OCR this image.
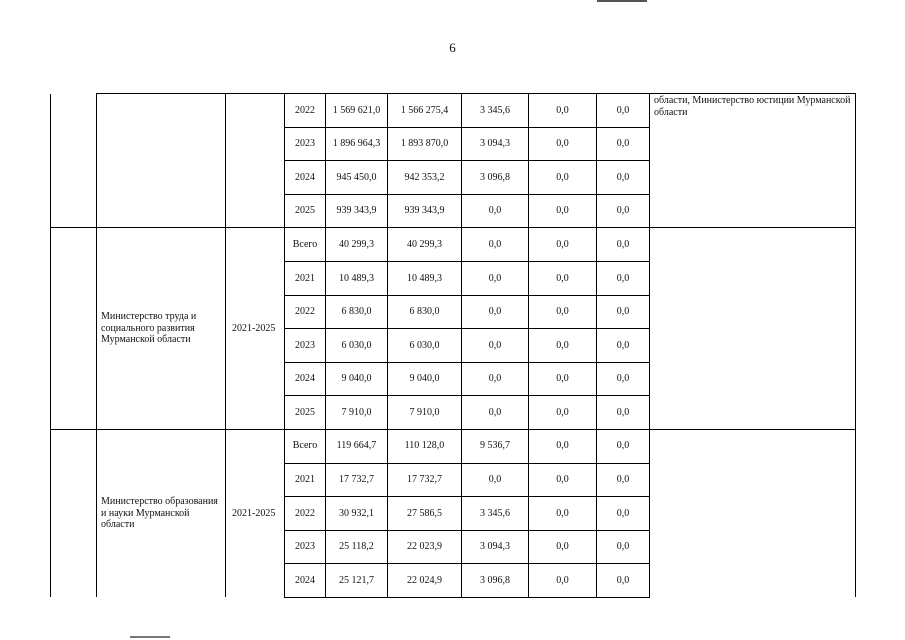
6
			2022	1 569 621,0	1 566 275,4	3 345,6	0,0	0,0	области, Министерство юстиции Мурманской области
			2023	1 896 964,3	1 893 870,0	3 094,3	0,0	0,0	
			2024	945 450,0	942 353,2	3 096,8	0,0	0,0	
			2025	939 343,9	939 343,9	0,0	0,0	0,0	
	Министерство труда и социального развития Мурманской области	2021-2025	Всего	40 299,3	40 299,3	0,0	0,0	0,0	
			2021	10 489,3	10 489,3	0,0	0,0	0,0	
			2022	6 830,0	6 830,0	0,0	0,0	0,0	
			2023	6 030,0	6 030,0	0,0	0,0	0,0	
			2024	9 040,0	9 040,0	0,0	0,0	0,0	
			2025	7 910,0	7 910,0	0,0	0,0	0,0	
	Министерство образования и науки Мурманской области	2021-2025	Всего	119 664,7	110 128,0	9 536,7	0,0	0,0	
			2021	17 732,7	17 732,7	0,0	0,0	0,0	
			2022	30 932,1	27 586,5	3 345,6	0,0	0,0	
			2023	25 118,2	22 023,9	3 094,3	0,0	0,0	
			2024	25 121,7	22 024,9	3 096,8	0,0	0,0	
